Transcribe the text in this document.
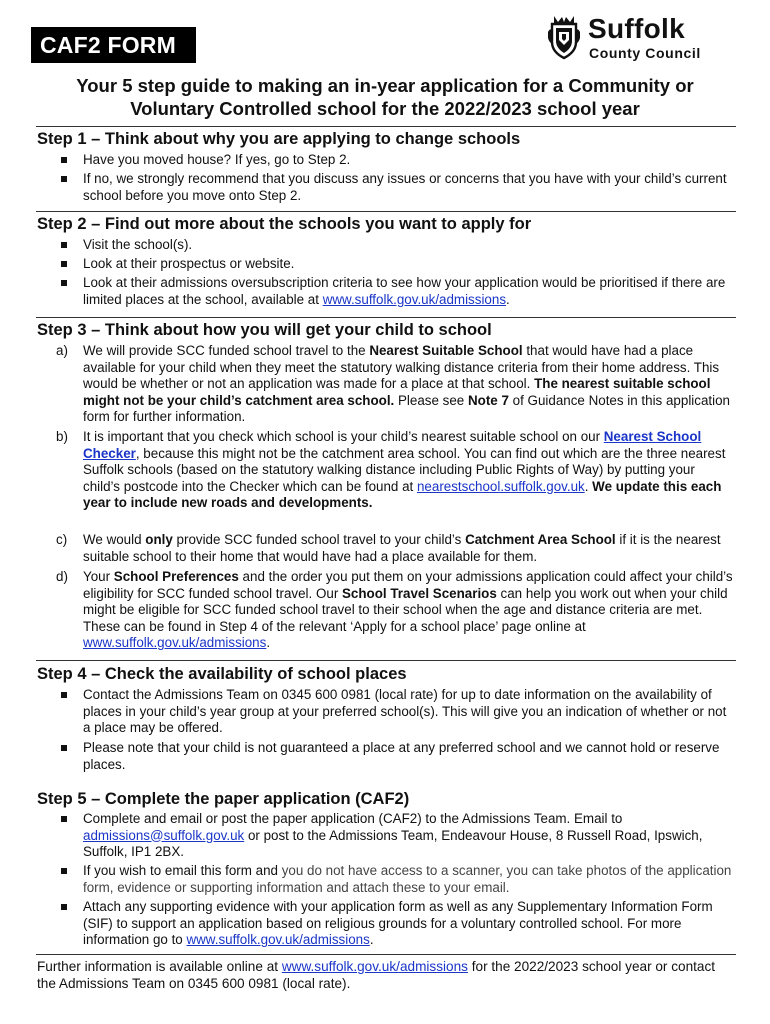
CAF2 FORM
Suffolk
County Council
Your 5 step guide to making an in-year application for a Community or
Voluntary Controlled school for the 2022/2023 school year
Step 1 – Think about why you are applying to change schools
Have you moved house? If yes, go to Step 2.
If no, we strongly recommend that you discuss any issues or concerns that you have with your child’s current school before you move onto Step 2.
Step 2 – Find out more about the schools you want to apply for
Visit the school(s).
Look at their prospectus or website.
Look at their admissions oversubscription criteria to see how your application would be prioritised if there are limited places at the school, available at www.suffolk.gov.uk/admissions.
Step 3 – Think about how you will get your child to school
a)	We will provide SCC funded school travel to the Nearest Suitable School that would have had a place available for your child when they meet the statutory walking distance criteria from their home address. This would be whether or not an application was made for a place at that school. The nearest suitable school might not be your child’s catchment area school. Please see Note 7 of Guidance Notes in this application form for further information.
b)	It is important that you check which school is your child’s nearest suitable school on our Nearest School Checker, because this might not be the catchment area school. You can find out which are the three nearest Suffolk schools (based on the statutory walking distance including Public Rights of Way) by putting your child’s postcode into the Checker which can be found at nearestschool.suffolk.gov.uk. We update this each year to include new roads and developments.
c)	We would only provide SCC funded school travel to your child’s Catchment Area School if it is the nearest suitable school to their home that would have had a place available for them.
d)	Your School Preferences and the order you put them on your admissions application could affect your child’s eligibility for SCC funded school travel. Our School Travel Scenarios can help you work out when your child might be eligible for SCC funded school travel to their school when the age and distance criteria are met. These can be found in Step 4 of the relevant ‘Apply for a school place’ page online at www.suffolk.gov.uk/admissions.
Step 4 – Check the availability of school places
Contact the Admissions Team on 0345 600 0981 (local rate) for up to date information on the availability of places in your child’s year group at your preferred school(s). This will give you an indication of whether or not a place may be offered.
Please note that your child is not guaranteed a place at any preferred school and we cannot hold or reserve places.
Step 5 – Complete the paper application (CAF2)
Complete and email or post the paper application (CAF2) to the Admissions Team. Email to admissions@suffolk.gov.uk or post to the Admissions Team, Endeavour House, 8 Russell Road, Ipswich, Suffolk, IP1 2BX.
If you wish to email this form and you do not have access to a scanner, you can take photos of the application form, evidence or supporting information and attach these to your email.
Attach any supporting evidence with your application form as well as any Supplementary Information Form (SIF) to support an application based on religious grounds for a voluntary controlled school. For more information go to www.suffolk.gov.uk/admissions.

Further information is available online at www.suffolk.gov.uk/admissions for the 2022/2023 school year or contact the Admissions Team on 0345 600 0981 (local rate).
